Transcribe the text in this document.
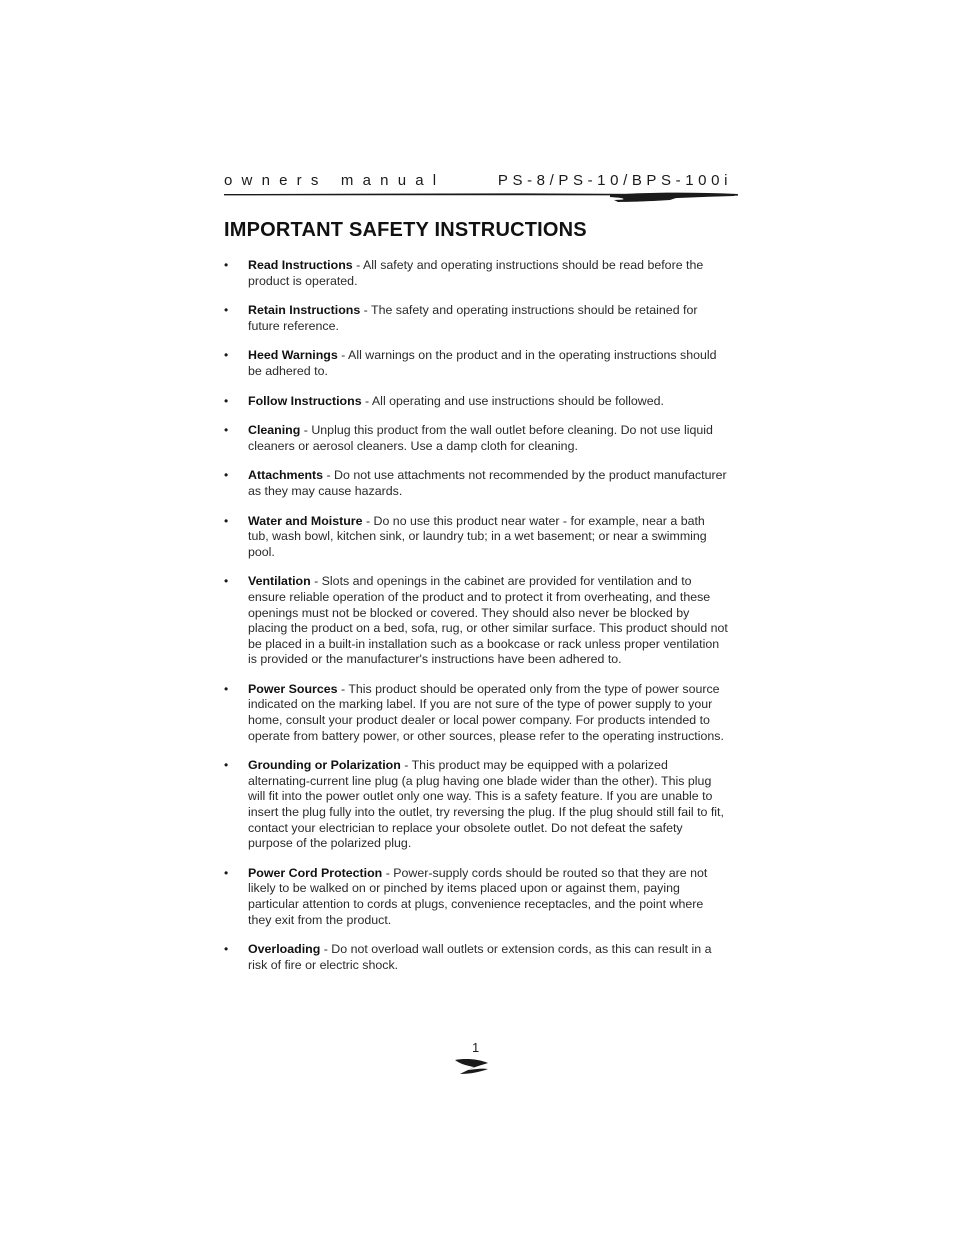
owners manual	PS-8/PS-10/BPS-100i
IMPORTANT SAFETY INSTRUCTIONS
• Read Instructions - All safety and operating instructions should be read before the product is operated.
• Retain Instructions - The safety and operating instructions should be retained for future reference.
• Heed Warnings - All warnings on the product and in the operating instructions should be adhered to.
• Follow Instructions - All operating and use instructions should be followed.
• Cleaning - Unplug this product from the wall outlet before cleaning. Do not use liquid cleaners or aerosol cleaners. Use a damp cloth for cleaning.
• Attachments - Do not use attachments not recommended by the product manufacturer as they may cause hazards.
• Water and Moisture - Do no use this product near water - for example, near a bath tub, wash bowl, kitchen sink, or laundry tub; in a wet basement; or near a swimming pool.
• Ventilation - Slots and openings in the cabinet are provided for ventilation and to ensure reliable operation of the product and to protect it from overheating, and these openings must not be blocked or covered. They should also never be blocked by placing the product on a bed, sofa, rug, or other similar surface. This product should not be placed in a built-in installation such as a bookcase or rack unless proper ventilation is provided or the manufacturer's instructions have been adhered to.
• Power Sources - This product should be operated only from the type of power source indicated on the marking label. If you are not sure of the type of power supply to your home, consult your product dealer or local power company. For products intended to operate from battery power, or other sources, please refer to the operating instructions.
• Grounding or Polarization - This product may be equipped with a polarized alternating-current line plug (a plug having one blade wider than the other). This plug will fit into the power outlet only one way. This is a safety feature. If you are unable to insert the plug fully into the outlet, try reversing the plug. If the plug should still fail to fit, contact your electrician to replace your obsolete outlet. Do not defeat the safety purpose of the polarized plug.
• Power Cord Protection - Power-supply cords should be routed so that they are not likely to be walked on or pinched by items placed upon or against them, paying particular attention to cords at plugs, convenience receptacles, and the point where they exit from the product.
• Overloading - Do not overload wall outlets or extension cords, as this can result in a risk of fire or electric shock.
1
